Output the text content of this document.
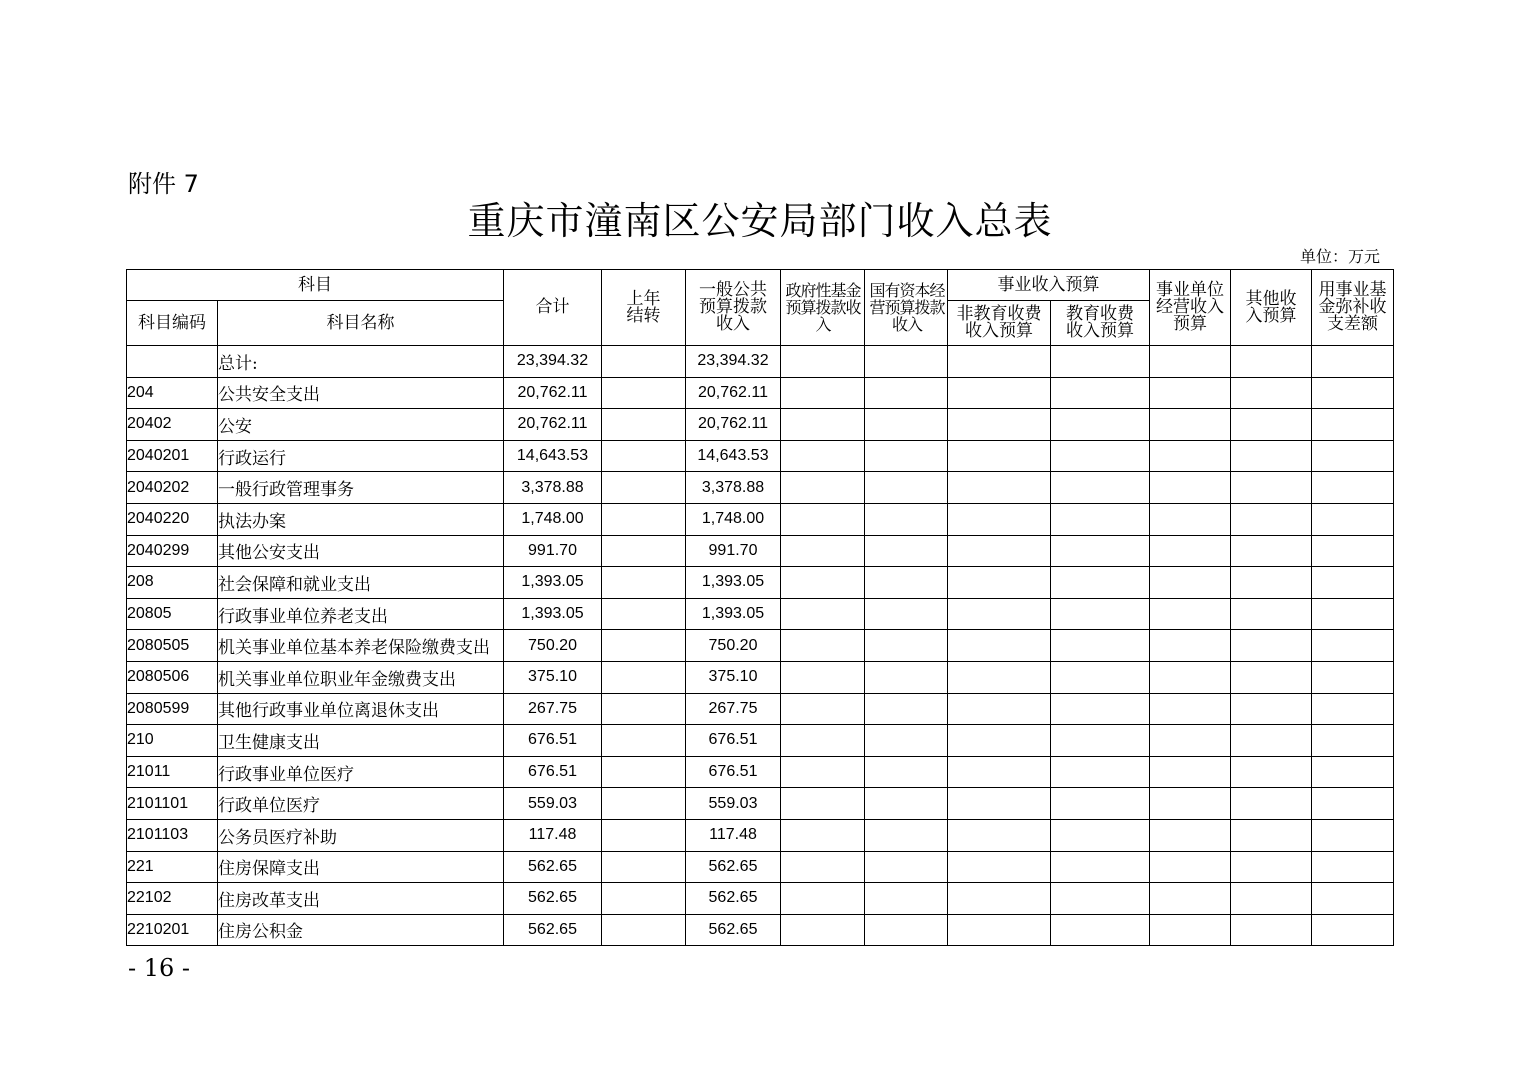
附件 7
重庆市潼南区公安局部门收入总表
单位：万元
科目		合计	上年结转	一般公共预算拨款收入	政府性基金预算拨款收入	国有资本经营预算拨款收入	事业收入预算		事业单位经营收入预算	其他收入预算	用事业基金弥补收支差额

科目编码	科目名称						非教育收费收入预算	教育收费收入预算			

	总计:	23,394.32		23,394.32							
204	公共安全支出	20,762.11		20,762.11							
20402	公安	20,762.11		20,762.11							
2040201	行政运行	14,643.53		14,643.53							
2040202	一般行政管理事务	3,378.88		3,378.88							
2040220	执法办案	1,748.00		1,748.00							
2040299	其他公安支出	991.70		991.70							
208	社会保障和就业支出	1,393.05		1,393.05							
20805	行政事业单位养老支出	1,393.05		1,393.05							
2080505	机关事业单位基本养老保险缴费支出	750.20		750.20							
2080506	机关事业单位职业年金缴费支出	375.10		375.10							
2080599	其他行政事业单位离退休支出	267.75		267.75							
210	卫生健康支出	676.51		676.51							
21011	行政事业单位医疗	676.51		676.51							
2101101	行政单位医疗	559.03		559.03							
2101103	公务员医疗补助	117.48		117.48							
221	住房保障支出	562.65		562.65							
22102	住房改革支出	562.65		562.65							
2210201	住房公积金	562.65		562.65							
- 16 -
